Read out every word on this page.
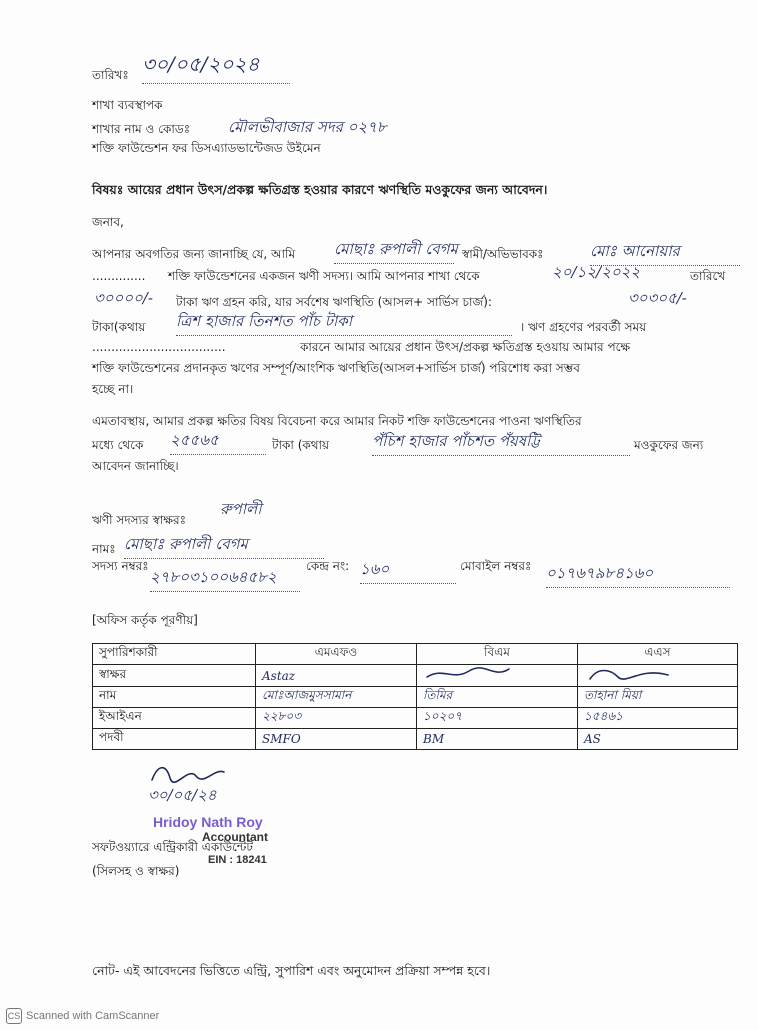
তারিখঃ ৩০/০৫/২০২৪
শাখা ব্যবস্থাপক
শাখার নাম ও কোডঃ	মৌলভীবাজার সদর ০২৭৮
শক্তি ফাউন্ডেশন ফর ডিসএ্যাডভান্টেজড উইমেন
বিষয়ঃ আয়ের প্রধান উৎস/প্রকল্প ক্ষতিগ্রস্ত হওয়ার কারণে ঋণস্থিতি মওকুফের জন্য আবেদন।
জনাব,
আপনার অবগতির জন্য জানাচ্ছি যে, আমি	মোছাঃ রুপালী বেগম স্বামী/অভিভাবকঃ	মোঃ আনোয়ার
.............. শক্তি ফাউন্ডেশনের একজন ঋণী সদস্য। আমি আপনার শাখা থেকে	২০/১২/২০২২	তারিখে
৩০০০০/- টাকা ঋণ গ্রহন করি, যার সর্বশেষ ঋণস্থিতি (আসল+ সার্ভিস চার্জ):	৩০৩০৫/-
টাকা(কথায় ত্রিশ হাজার তিনশত পাঁচ টাকা	। ঋণ গ্রহণের পরবর্তী সময়
...................................	কারনে আমার আয়ের প্রধান উৎস/প্রকল্প ক্ষতিগ্রস্ত হওয়ায় আমার পক্ষে
শক্তি ফাউন্ডেশনের প্রদানকৃত ঋণের সম্পূর্ণ/আংশিক ঋণস্থিতি(আসল+সার্ভিস চার্জ) পরিশোধ করা সম্ভব
হচ্ছে না।
এমতাবস্থায়, আমার প্রকল্প ক্ষতির বিষয় বিবেচনা করে আমার নিকট শক্তি ফাউন্ডেশনের পাওনা ঋণস্থিতির
মধ্যে থেকে ২৫৫৬৫	টাকা (কথায়	পঁচিশ হাজার পাঁচশত পঁয়ষট্টি	মওকুফের জন্য
আবেদন জানাচ্ছি।
ঋণী সদস্যর স্বাক্ষরঃ
রুপালী
নামঃ মোছাঃ রুপালী বেগম
সদস্য নম্বরঃ
২৭৮০৩১০০৬৪৫৮২
কেন্দ্র নং: ১৬০	মোবাইল নম্বরঃ ০১৭৬৭৯৮৪১৬০
[অফিস কর্তৃক পূরণীয়]
সুপারিশকারী	এমএফও	বিএম	এএস
স্বাক্ষর	Astaz		
নাম	মোঃআজমুসসামান	তিমির	তাহানা মিয়া
ইআইএন	২২৮০৩	১০২০৭	১৫৪৬১
পদবী	SMFO	BM	AS
৩০/০৫/২৪
Hridoy Nath Roy
Accountant
EIN : 18241
সফটওয়্যারে এন্ট্রিকারী একাউন্টেট
(সিলসহ ও স্বাক্ষর)
নোট- এই আবেদনের ভিত্তিতে এন্ট্রি, সুপারিশ এবং অনুমোদন প্রক্রিয়া সম্পন্ন হবে।
CS Scanned with CamScanner
